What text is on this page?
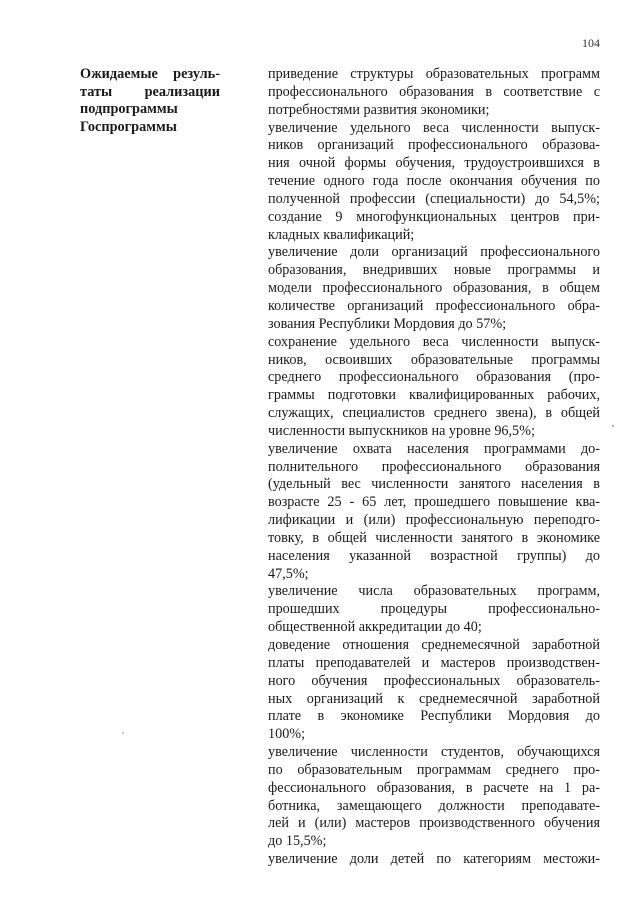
104
Ожидаемые резуль-
таты реализации
подпрограммы
Госпрограммы
приведение структуры образовательных программ
профессионального образования в соответствие с
потребностями развития экономики;
увеличение удельного веса численности выпуск-
ников организаций профессионального образова-
ния очной формы обучения, трудоустроившихся в
течение одного года после окончания обучения по
полученной профессии (специальности) до 54,5%;
создание 9 многофункциональных центров при-
кладных квалификаций;
увеличение доли организаций профессионального
образования, внедривших новые программы и
модели профессионального образования, в общем
количестве организаций профессионального обра-
зования Республики Мордовия до 57%;
сохранение удельного веса численности выпуск-
ников, освоивших образовательные программы
среднего профессионального образования (про-
граммы подготовки квалифицированных рабочих,
служащих, специалистов среднего звена), в общей
численности выпускников на уровне 96,5%;
увеличение охвата населения программами до-
полнительного профессионального образования
(удельный вес численности занятого населения в
возрасте 25 - 65 лет, прошедшего повышение ква-
лификации и (или) профессиональную переподго-
товку, в общей численности занятого в экономике
населения указанной возрастной группы) до
47,5%;
увеличение числа образовательных программ,
прошедших процедуры профессионально-
общественной аккредитации до 40;
доведение отношения среднемесячной заработной
платы преподавателей и мастеров производствен-
ного обучения профессиональных образователь-
ных организаций к среднемесячной заработной
плате в экономике Республики Мордовия до
100%;
увеличение численности студентов, обучающихся
по образовательным программам среднего про-
фессионального образования, в расчете на 1 ра-
ботника, замещающего должности преподавате-
лей и (или) мастеров производственного обучения
до 15,5%;
увеличение доли детей по категориям местожи-
